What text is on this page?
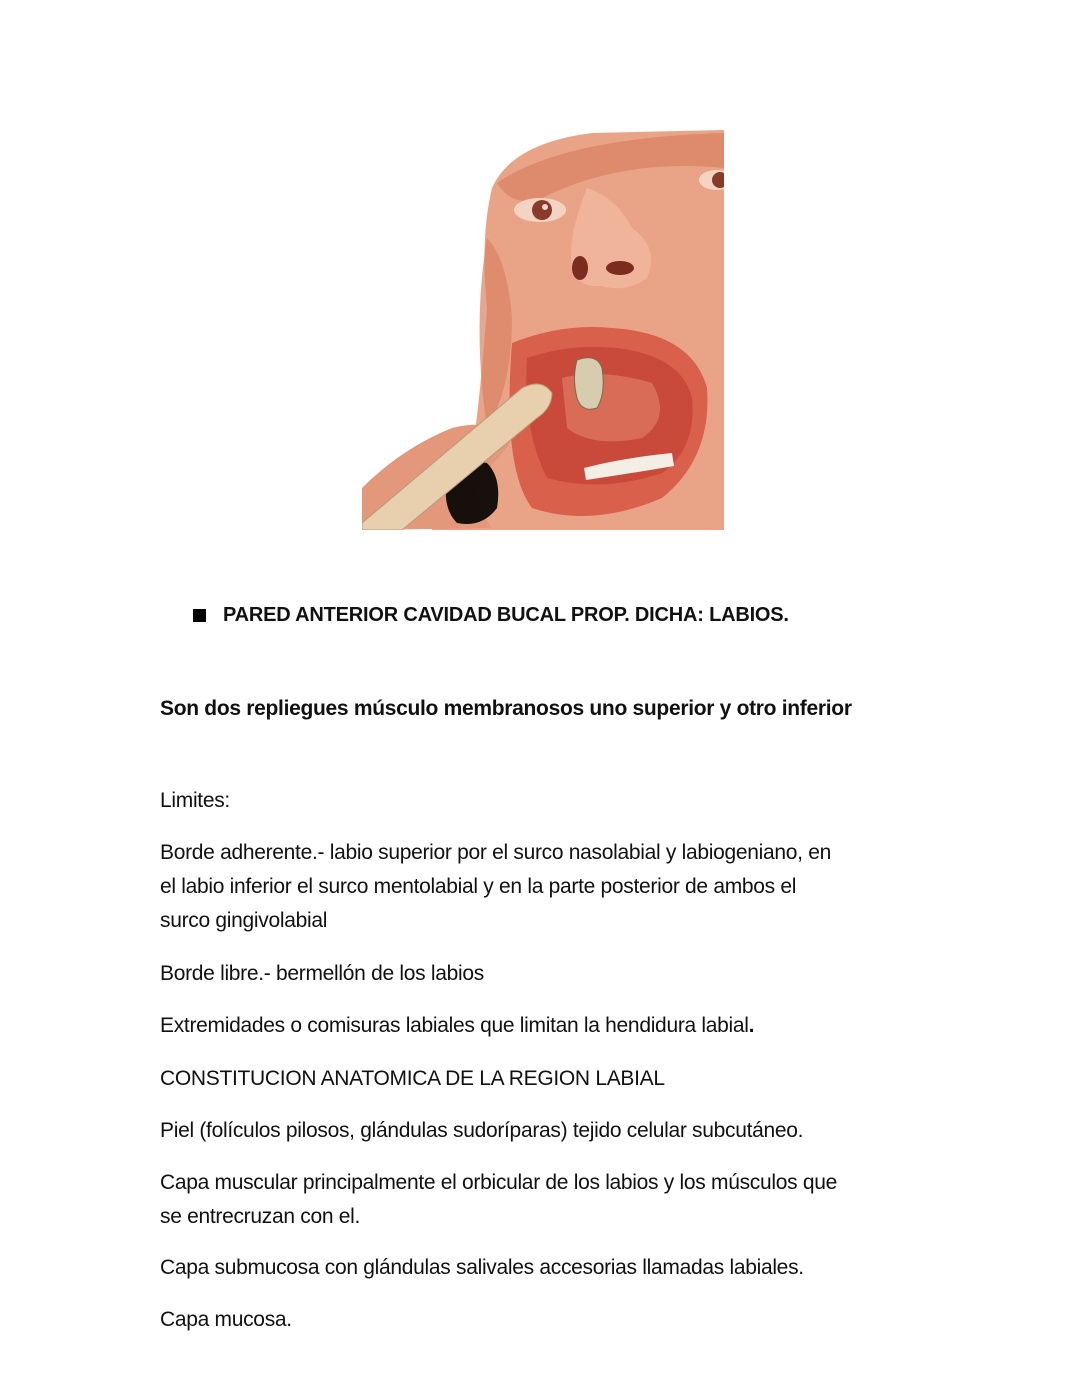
PARED ANTERIOR CAVIDAD BUCAL PROP. DICHA: LABIOS.
Son dos repliegues músculo membranosos uno superior y otro inferior
Limites:
Borde adherente.- labio superior por el surco nasolabial y labiogeniano, en
el labio inferior el surco mentolabial y en la parte posterior de ambos el
surco gingivolabial
Borde libre.- bermellón de los labios
Extremidades o comisuras labiales que limitan la hendidura labial.
CONSTITUCION ANATOMICA DE LA REGION LABIAL
Piel (folículos pilosos, glándulas sudoríparas) tejido celular subcutáneo.
Capa muscular principalmente el orbicular de los labios y los músculos que
se entrecruzan con el.
Capa submucosa con glándulas salivales accesorias llamadas labiales.
Capa mucosa.
